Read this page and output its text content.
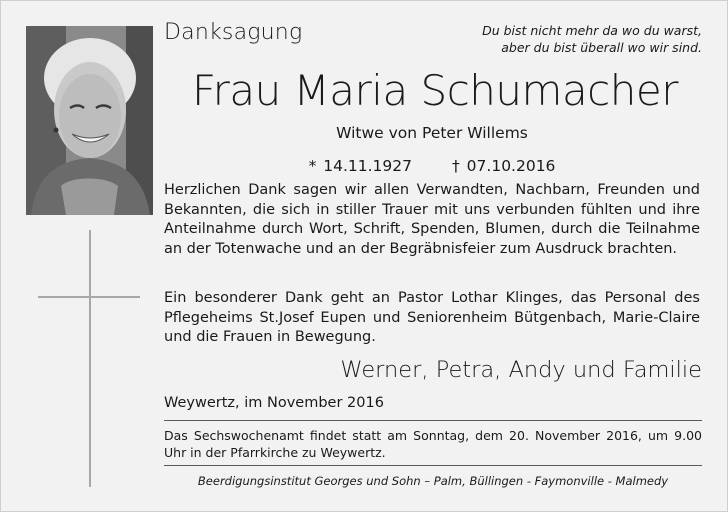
Danksagung	Du bist nicht mehr da wo du warst,
aber du bist überall wo wir sind.
Frau Maria Schumacher
Witwe von Peter Willems
* 14.11.1927	† 07.10.2016
Herzlichen Dank sagen wir allen Verwandten, Nachbarn, Freunden und Bekannten, die sich in stiller Trauer mit uns verbunden fühlten und ihre Anteilnahme durch Wort, Schrift, Spenden, Blumen, durch die Teilnahme an der Totenwache und an der Begräbnisfeier zum Ausdruck brachten.
Ein besonderer Dank geht an Pastor Lothar Klinges, das Personal des Pflegeheims St.Josef Eupen und Seniorenheim Bütgenbach, Marie-Claire und die Frauen in Bewegung.
Werner, Petra, Andy und Familie
Weywertz, im November 2016
Das Sechswochenamt findet statt am Sonntag, dem 20. November 2016, um 9.00 Uhr in der Pfarrkirche zu Weywertz.
Beerdigungsinstitut Georges und Sohn – Palm, Büllingen - Faymonville - Malmedy
